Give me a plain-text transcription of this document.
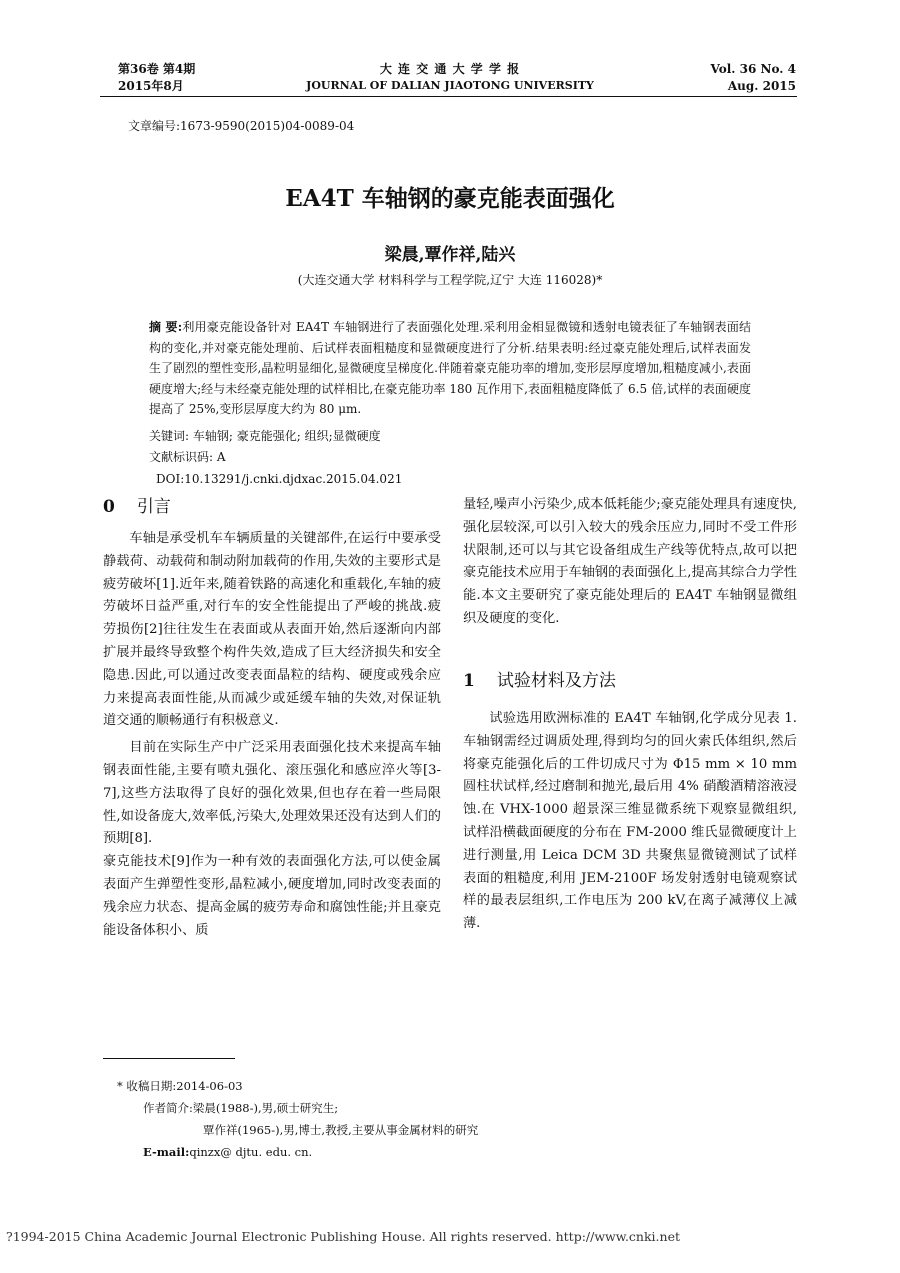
第36卷 第4期
2015年8月
大 连 交 通 大 学 学 报
JOURNAL OF DALIAN JIAOTONG UNIVERSITY
Vol. 36 No. 4
Aug. 2015
文章编号:1673-9590(2015)04-0089-04
EA4T 车轴钢的豪克能表面强化
梁晨,覃作祥,陆兴
(大连交通大学 材料科学与工程学院,辽宁 大连 116028)*
摘 要:利用豪克能设备针对 EA4T 车轴钢进行了表面强化处理.采利用金相显微镜和透射电镜表征了车轴钢表面结构的变化,并对豪克能处理前、后试样表面粗糙度和显微硬度进行了分析.结果表明:经过豪克能处理后,试样表面发生了剧烈的塑性变形,晶粒明显细化,显微硬度呈梯度化.伴随着豪克能功率的增加,变形层厚度增加,粗糙度减小,表面硬度增大;经与未经豪克能处理的试样相比,在豪克能功率 180 瓦作用下,表面粗糙度降低了 6.5 倍,试样的表面硬度提高了 25%,变形层厚度大约为 80 μm.
关键词: 车轴钢; 豪克能强化; 组织;显微硬度
文献标识码: A
DOI:10.13291/j.cnki.djdxac.2015.04.021
0 引言

车轴是承受机车车辆质量的关键部件,在运行中要承受静载荷、动载荷和制动附加载荷的作用,失效的主要形式是疲劳破坏[1].近年来,随着铁路的高速化和重载化,车轴的疲劳破坏日益严重,对行车的安全性能提出了严峻的挑战.疲劳损伤[2]往往发生在表面或从表面开始,然后逐渐向内部扩展并最终导致整个构件失效,造成了巨大经济损失和安全隐患.因此,可以通过改变表面晶粒的结构、硬度或残余应力来提高表面性能,从而减少或延缓车轴的失效,对保证轨道交通的顺畅通行有积极意义.

目前在实际生产中广泛采用表面强化技术来提高车轴钢表面性能,主要有喷丸强化、滚压强化和感应淬火等[3-7],这些方法取得了良好的强化效果,但也存在着一些局限性,如设备庞大,效率低,污染大,处理效果还没有达到人们的预期[8].

豪克能技术[9]作为一种有效的表面强化方法,可以使金属表面产生弹塑性变形,晶粒减小,硬度增加,同时改变表面的残余应力状态、提高金属的疲劳寿命和腐蚀性能;并且豪克能设备体积小、质

量轻,噪声小污染少,成本低耗能少;豪克能处理具有速度快,强化层较深,可以引入较大的残余压应力,同时不受工件形状限制,还可以与其它设备组成生产线等优特点,故可以把豪克能技术应用于车轴钢的表面强化上,提高其综合力学性能.本文主要研究了豪克能处理后的 EA4T 车轴钢显微组织及硬度的变化.

1 试验材料及方法

试验选用欧洲标准的 EA4T 车轴钢,化学成分见表 1.车轴钢需经过调质处理,得到均匀的回火索氏体组织,然后将豪克能强化后的工件切成尺寸为 Φ15 mm × 10 mm 圆柱状试样,经过磨制和抛光,最后用 4% 硝酸酒精溶液浸蚀.在 VHX-1000 超景深三维显微系统下观察显微组织,试样沿横截面硬度的分布在 FM-2000 维氏显微硬度计上进行测量,用 Leica DCM 3D 共聚焦显微镜测试了试样表面的粗糙度,利用 JEM-2100F 场发射透射电镜观察试样的最表层组织,工作电压为 200 kV,在离子减薄仪上减薄.

* 收稿日期:2014-06-03
作者简介:梁晨(1988-),男,硕士研究生;
覃作祥(1965-),男,博士,教授,主要从事金属材料的研究
E-mail:qinzx@ djtu. edu. cn.
?1994-2015 China Academic Journal Electronic Publishing House. All rights reserved. http://www.cnki.net
